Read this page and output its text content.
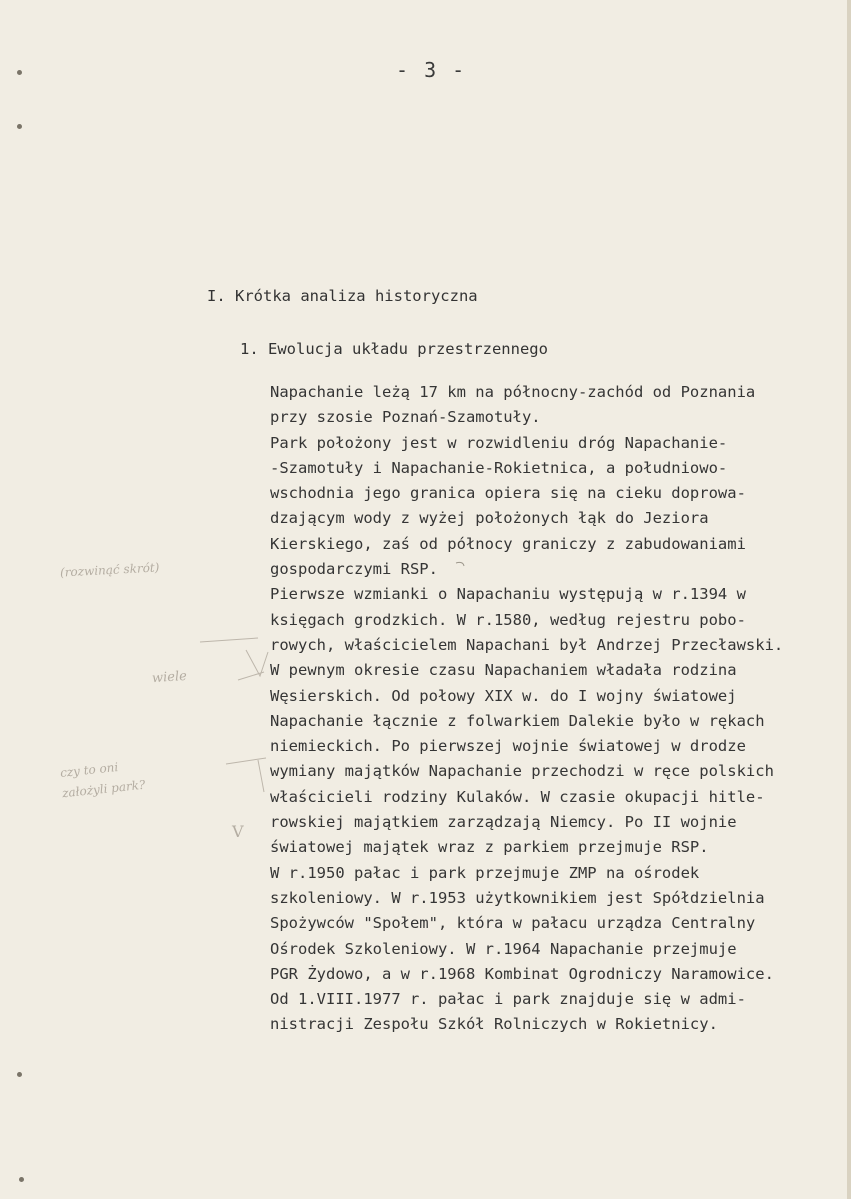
- 3 -
I. Krótka analiza historyczna
1. Ewolucja układu przestrzennego
Napachanie leżą 17 km na północny-zachód od Poznania
przy szosie Poznań-Szamotuły.
Park położony jest w rozwidleniu dróg Napachanie-
-Szamotuły i Napachanie-Rokietnica, a południowo-
wschodnia jego granica opiera się na cieku doprowa-
dzającym wody z wyżej położonych łąk do Jeziora
Kierskiego, zaś od północy graniczy z zabudowaniami
gospodarczymi RSP.
Pierwsze wzmianki o Napachaniu występują w r.1394 w
księgach grodzkich. W r.1580, według rejestru pobo-
rowych, właścicielem Napachani był Andrzej Przecławski.
W pewnym okresie czasu Napachaniem władała rodzina
Węsierskich. Od połowy XIX w. do I wojny światowej
Napachanie łącznie z folwarkiem Dalekie było w rękach
niemieckich. Po pierwszej wojnie światowej w drodze
wymiany majątków Napachanie przechodzi w ręce polskich
właścicieli rodziny Kulaków. W czasie okupacji hitle-
rowskiej majątkiem zarządzają Niemcy. Po II wojnie
światowej majątek wraz z parkiem przejmuje RSP.
W r.1950 pałac i park przejmuje ZMP na ośrodek
szkoleniowy. W r.1953 użytkownikiem jest Spółdzielnia
Spożywców "Społem", która w pałacu urządza Centralny
Ośrodek Szkoleniowy. W r.1964 Napachanie przejmuje
PGR Żydowo, a w r.1968 Kombinat Ogrodniczy Naramowice.
Od 1.VIII.1977 r. pałac i park znajduje się w admi-
nistracji Zespołu Szkół Rolniczych w Rokietnicy.
(rozwinąć skrót)
wiele
czy to oni
założyli park?
V
